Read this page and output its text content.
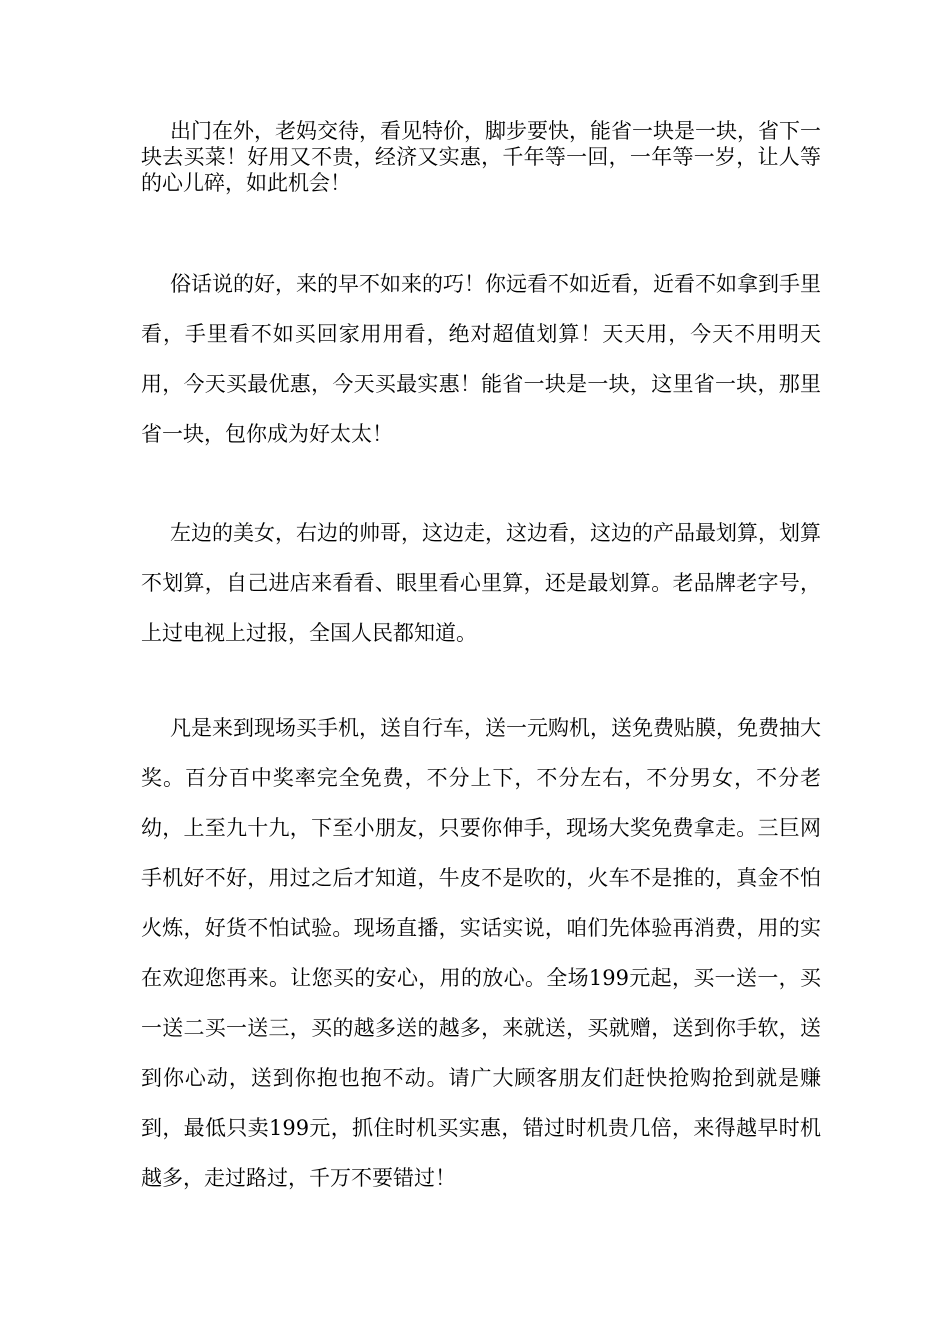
出门在外，老妈交待，看见特价，脚步要快，能省一块是一块，省下一块去买菜！好用又不贵，经济又实惠，千年等一回，一年等一岁，让人等的心儿碎，如此机会！

俗话说的好，来的早不如来的巧！你远看不如近看，近看不如拿到手里看，手里看不如买回家用用看，绝对超值划算！天天用，今天不用明天用，今天买最优惠，今天买最实惠！能省一块是一块，这里省一块，那里省一块，包你成为好太太！

左边的美女，右边的帅哥，这边走，这边看，这边的产品最划算，划算不划算，自己进店来看看、眼里看心里算，还是最划算。老品牌老字号，上过电视上过报，全国人民都知道。

凡是来到现场买手机，送自行车，送一元购机，送免费贴膜，免费抽大奖。百分百中奖率完全免费，不分上下，不分左右，不分男女，不分老幼，上至九十九，下至小朋友，只要你伸手，现场大奖免费拿走。三巨网手机好不好，用过之后才知道，牛皮不是吹的，火车不是推的，真金不怕火炼，好货不怕试验。现场直播，实话实说，咱们先体验再消费，用的实在欢迎您再来。让您买的安心，用的放心。全场199元起，买一送一，买一送二买一送三，买的越多送的越多，来就送，买就赠，送到你手软，送到你心动，送到你抱也抱不动。请广大顾客朋友们赶快抢购抢到就是赚到，最低只卖199元，抓住时机买实惠，错过时机贵几倍，来得越早时机越多，走过路过，千万不要错过！
